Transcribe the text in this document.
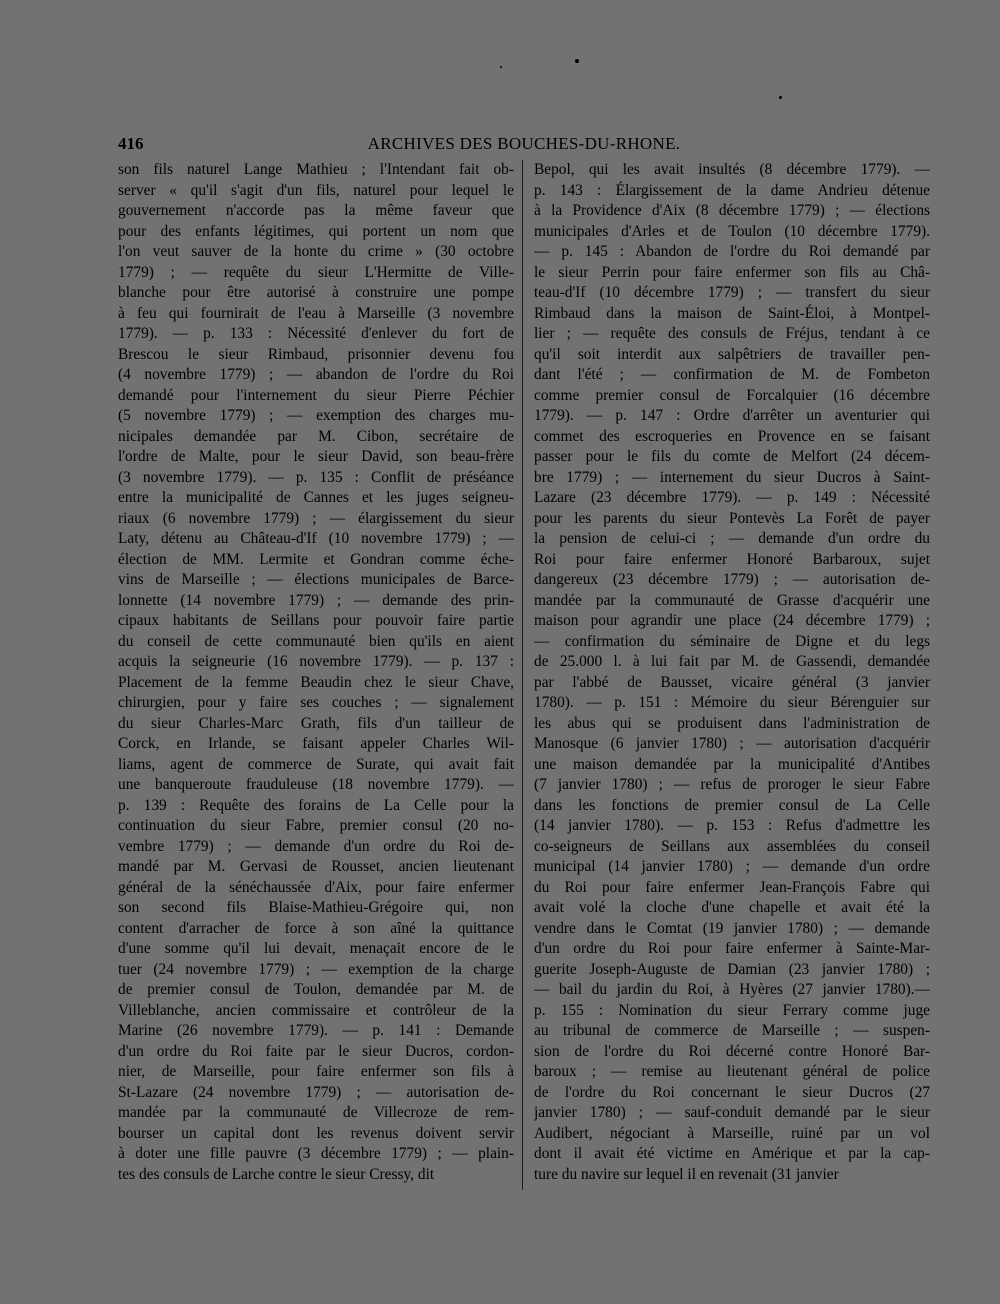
416	ARCHIVES DES BOUCHES-DU-RHONE.
son fils naturel Lange Mathieu ; l'Intendant fait ob-
server « qu'il s'agit d'un fils, naturel pour lequel le
gouvernement n'accorde pas la même faveur que
pour des enfants légitimes, qui portent un nom que
l'on veut sauver de la honte du crime » (30 octobre
1779) ; — requête du sieur L'Hermitte de Ville-
blanche pour être autorisé à construire une pompe
à feu qui fournirait de l'eau à Marseille (3 novembre
1779). — p. 133 : Nécessité d'enlever du fort de
Brescou le sieur Rimbaud, prisonnier devenu fou
(4 novembre 1779) ; — abandon de l'ordre du Roi
demandé pour l'internement du sieur Pierre Péchier
(5 novembre 1779) ; — exemption des charges mu-
nicipales demandée par M. Cibon, secrétaire de
l'ordre de Malte, pour le sieur David, son beau-frère
(3 novembre 1779). — p. 135 : Conflit de préséance
entre la municipalité de Cannes et les juges seigneu-
riaux (6 novembre 1779) ; — élargissement du sieur
Laty, détenu au Château-d'If (10 novembre 1779) ; —
élection de MM. Lermite et Gondran comme éche-
vins de Marseille ; — élections municipales de Barce-
lonnette (14 novembre 1779) ; — demande des prin-
cipaux habitants de Seillans pour pouvoir faire partie
du conseil de cette communauté bien qu'ils en aient
acquis la seigneurie (16 novembre 1779). — p. 137 :
Placement de la femme Beaudin chez le sieur Chave,
chirurgien, pour y faire ses couches ; — signalement
du sieur Charles-Marc Grath, fils d'un tailleur de
Corck, en Irlande, se faisant appeler Charles Wil-
liams, agent de commerce de Surate, qui avait fait
une banqueroute frauduleuse (18 novembre 1779). —
p. 139 : Requête des forains de La Celle pour la
continuation du sieur Fabre, premier consul (20 no-
vembre 1779) ; — demande d'un ordre du Roi de-
mandé par M. Gervasi de Rousset, ancien lieutenant
général de la sénéchaussée d'Aix, pour faire enfermer
son second fils Blaise-Mathieu-Grégoire qui, non
content d'arracher de force à son aîné la quittance
d'une somme qu'il lui devait, menaçait encore de le
tuer (24 novembre 1779) ; — exemption de la charge
de premier consul de Toulon, demandée par M. de
Villeblanche, ancien commissaire et contrôleur de la
Marine (26 novembre 1779). — p. 141 : Demande
d'un ordre du Roi faite par le sieur Ducros, cordon-
nier, de Marseille, pour faire enfermer son fils à
St-Lazare (24 novembre 1779) ; — autorisation de-
mandée par la communauté de Villecroze de rem-
bourser un capital dont les revenus doivent servir
à doter une fille pauvre (3 décembre 1779) ; — plain-
tes des consuls de Larche contre le sieur Cressy, dit
Bepol, qui les avait insultés (8 décembre 1779). —
p. 143 : Élargissement de la dame Andrieu détenue
à la Providence d'Aix (8 décembre 1779) ; — élections
municipales d'Arles et de Toulon (10 décembre 1779).
— p. 145 : Abandon de l'ordre du Roi demandé par
le sieur Perrin pour faire enfermer son fils au Châ-
teau-d'If (10 décembre 1779) ; — transfert du sieur
Rimbaud dans la maison de Saint-Éloi, à Montpel-
lier ; — requête des consuls de Fréjus, tendant à ce
qu'il soit interdit aux salpêtriers de travailler pen-
dant l'été ; — confirmation de M. de Fombeton
comme premier consul de Forcalquier (16 décembre
1779). — p. 147 : Ordre d'arrêter un aventurier qui
commet des escroqueries en Provence en se faisant
passer pour le fils du comte de Melfort (24 décem-
bre 1779) ; — internement du sieur Ducros à Saint-
Lazare (23 décembre 1779). — p. 149 : Nécessité
pour les parents du sieur Pontevès La Forêt de payer
la pension de celui-ci ; — demande d'un ordre du
Roi pour faire enfermer Honoré Barbaroux, sujet
dangereux (23 décembre 1779) ; — autorisation de-
mandée par la communauté de Grasse d'acquérir une
maison pour agrandir une place (24 décembre 1779) ;
— confirmation du séminaire de Digne et du legs
de 25.000 l. à lui fait par M. de Gassendi, demandée
par l'abbé de Bausset, vicaire général (3 janvier
1780). — p. 151 : Mémoire du sieur Bérenguier sur
les abus qui se produisent dans l'administration de
Manosque (6 janvier 1780) ; — autorisation d'acquérir
une maison demandée par la municipalité d'Antibes
(7 janvier 1780) ; — refus de proroger le sieur Fabre
dans les fonctions de premier consul de La Celle
(14 janvier 1780). — p. 153 : Refus d'admettre les
co-seigneurs de Seillans aux assemblées du conseil
municipal (14 janvier 1780) ; — demande d'un ordre
du Roi pour faire enfermer Jean-François Fabre qui
avait volé la cloche d'une chapelle et avait été la
vendre dans le Comtat (19 janvier 1780) ; — demande
d'un ordre du Roi pour faire enfermer à Sainte-Mar-
guerite Joseph-Auguste de Damian (23 janvier 1780) ;
— bail du jardin du Roi, à Hyères (27 janvier 1780).—
p. 155 : Nomination du sieur Ferrary comme juge
au tribunal de commerce de Marseille ; — suspen-
sion de l'ordre du Roi décerné contre Honoré Bar-
baroux ; — remise au lieutenant général de police
de l'ordre du Roi concernant le sieur Ducros (27
janvier 1780) ; — sauf-conduit demandé par le sieur
Audibert, négociant à Marseille, ruiné par un vol
dont il avait été victime en Amérique et par la cap-
ture du navire sur lequel il en revenait (31 janvier
